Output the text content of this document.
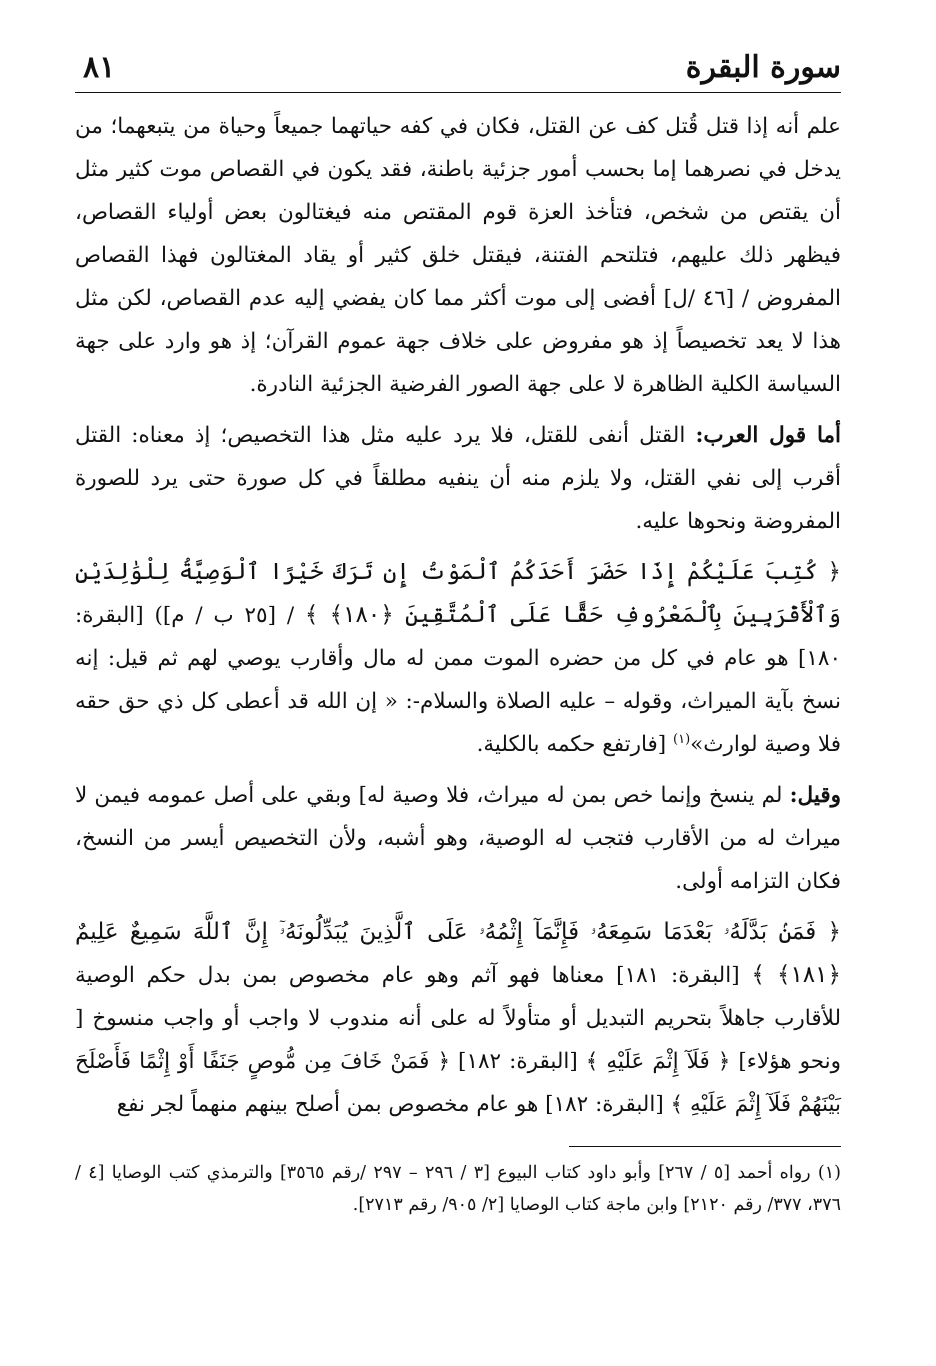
سورة البقرة
٨١

علم أنه إذا قتل قُتل كف عن القتل، فكان في كفه حياتهما جميعاً وحياة من يتبعهما؛ من يدخل في نصرهما إما بحسب أمور جزئية باطنة، فقد يكون في القصاص موت كثير مثل أن يقتص من شخص، فتأخذ العزة قوم المقتص منه فيغتالون بعض أولياء القصاص، فيظهر ذلك عليهم، فتلتحم الفتنة، فيقتل خلق كثير أو يقاد المغتالون فهذا القصاص المفروض / [٤٦ /ل] أفضى إلى موت أكثر مما كان يفضي إليه عدم القصاص، لكن مثل هذا لا يعد تخصيصاً إذ هو مفروض على خلاف جهة عموم القرآن؛ إذ هو وارد على جهة السياسة الكلية الظاهرة لا على جهة الصور الفرضية الجزئية النادرة.

أما قول العرب: القتل أنفى للقتل، فلا يرد عليه مثل هذا التخصيص؛ إذ معناه: القتل أقرب إلى نفي القتل، ولا يلزم منه أن ينفيه مطلقاً في كل صورة حتى يرد للصورة المفروضة ونحوها عليه.

﴿ كُتِبَ عَلَيْكُمْ إِذَا حَضَرَ أَحَدَكُمُ ٱلْمَوْتُ إِن تَرَكَ خَيْرًا ٱلْوَصِيَّةُ لِلْوَٰلِدَيْنِ وَٱلْأَقْرَبِينَ بِٱلْمَعْرُوفِ حَقًّا عَلَى ٱلْمُتَّقِينَ ﴿١٨٠﴾ ﴾ / [٢٥ ب / م]) [البقرة: ١٨٠] هو عام في كل من حضره الموت ممن له مال وأقارب يوصي لهم ثم قيل: إنه نسخ بآية الميراث، وقوله – عليه الصلاة والسلام-: « إن الله قد أعطى كل ذي حق حقه فلا وصية لوارث»$^{(١)}$ [فارتفع حكمه بالكلية.

وقيل: لم ينسخ وإنما خص بمن له ميراث، فلا وصية له] وبقي على أصل عمومه فيمن لا ميراث له من الأقارب فتجب له الوصية، وهو أشبه، ولأن التخصيص أيسر من النسخ، فكان التزامه أولى.

﴿ فَمَنۢ بَدَّلَهُۥ بَعْدَمَا سَمِعَهُۥ فَإِنَّمَآ إِثْمُهُۥ عَلَى ٱلَّذِينَ يُبَدِّلُونَهُۥٓ إِنَّ ٱللَّهَ سَمِيعٌ عَلِيمٌ ﴿١٨١﴾ ﴾ [البقرة: ١٨١] معناها فهو آثم وهو عام مخصوص بمن بدل حكم الوصية للأقارب جاهلاً بتحريم التبديل أو متأولاً له على أنه مندوب لا واجب أو واجب منسوخ [ ونحو هؤلاء] ﴿ فَلَآ إِثْمَ عَلَيْهِ ﴾ [البقرة: ١٨٢] ﴿ فَمَنْ خَافَ مِن مُّوصٍ جَنَفًا أَوْ إِثْمًا فَأَصْلَحَ بَيْنَهُمْ فَلَآ إِثْمَ عَلَيْهِ ﴾ [البقرة: ١٨٢] هو عام مخصوص بمن أصلح بينهم منهماً لجر نفع

(١) رواه أحمد [٥ / ٢٦٧] وأبو داود كتاب البيوع [٣ / ٢٩٦ – ٢٩٧ /رقم ٣٥٦٥] والترمذي كتب الوصايا [٤ / ٣٧٦، ٣٧٧/ رقم ٢١٢٠] وابن ماجة كتاب الوصايا [٢/ ٩٠٥/ رقم ٢٧١٣].
